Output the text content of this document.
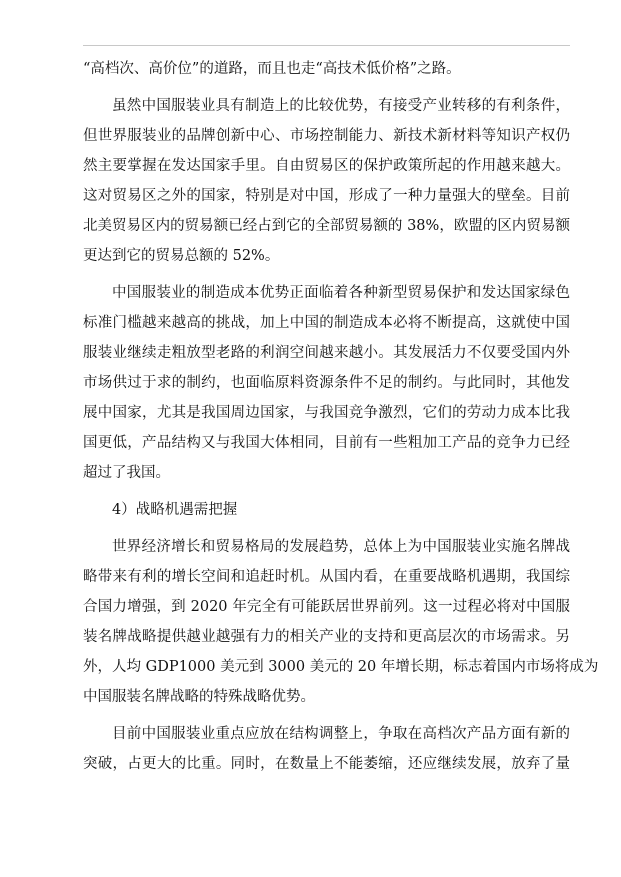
“高档次、高价位”的道路，而且也走“高技术低价格”之路。
虽然中国服装业具有制造上的比较优势，有接受产业转移的有利条件，
但世界服装业的品牌创新中心、市场控制能力、新技术新材料等知识产权仍
然主要掌握在发达国家手里。自由贸易区的保护政策所起的作用越来越大。
这对贸易区之外的国家，特别是对中国，形成了一种力量强大的壁垒。目前
北美贸易区内的贸易额已经占到它的全部贸易额的 38%，欧盟的区内贸易额
更达到它的贸易总额的 52%。
中国服装业的制造成本优势正面临着各种新型贸易保护和发达国家绿色
标准门槛越来越高的挑战，加上中国的制造成本必将不断提高，这就使中国
服装业继续走粗放型老路的利润空间越来越小。其发展活力不仅要受国内外
市场供过于求的制约，也面临原料资源条件不足的制约。与此同时，其他发
展中国家，尤其是我国周边国家，与我国竞争激烈，它们的劳动力成本比我
国更低，产品结构又与我国大体相同，目前有一些粗加工产品的竞争力已经
超过了我国。
4）战略机遇需把握
世界经济增长和贸易格局的发展趋势，总体上为中国服装业实施名牌战
略带来有利的增长空间和追赶时机。从国内看，在重要战略机遇期，我国综
合国力增强，到 2020 年完全有可能跃居世界前列。这一过程必将对中国服
装名牌战略提供越业越强有力的相关产业的支持和更高层次的市场需求。另
外，人均 GDP1000 美元到 3000 美元的 20 年增长期，标志着国内市场将成为
中国服装名牌战略的特殊战略优势。
目前中国服装业重点应放在结构调整上，争取在高档次产品方面有新的
突破，占更大的比重。同时，在数量上不能萎缩，还应继续发展，放弃了量
